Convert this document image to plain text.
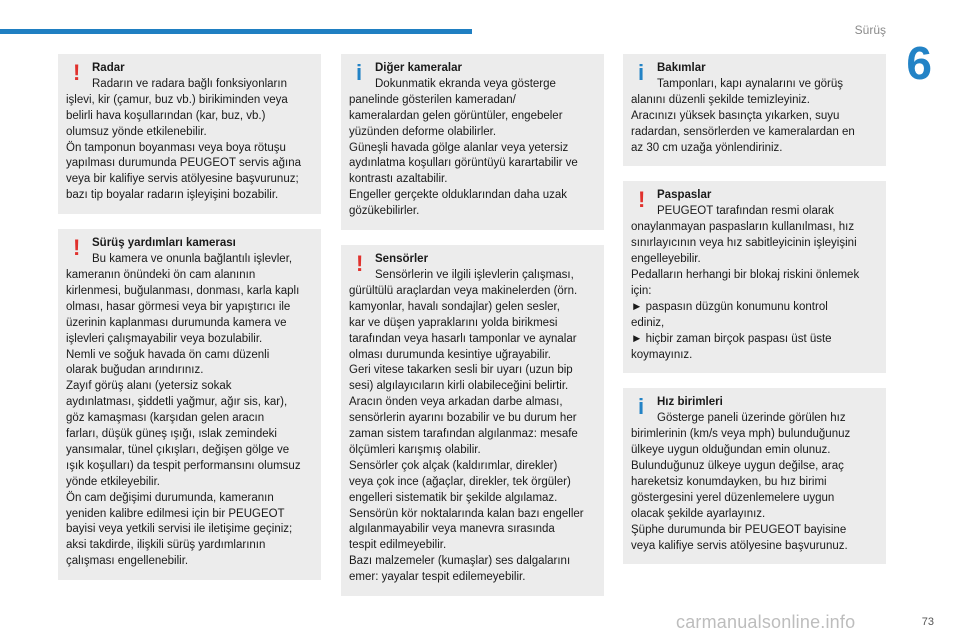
Sürüş
6
!	Radar
Radarın ve radara bağlı fonksiyonların
işlevi, kir (çamur, buz vb.) birikiminden veya
belirli hava koşullarından (kar, buz, vb.)
olumsuz yönde etkilenebilir.
Ön tamponun boyanması veya boya rötuşu
yapılması durumunda PEUGEOT servis ağına
veya bir kalifiye servis atölyesine başvurunuz;
bazı tip boyalar radarın işleyişini bozabilir.
!	Sürüş yardımları kamerası
Bu kamera ve onunla bağlantılı işlevler,
kameranın önündeki ön cam alanının
kirlenmesi, buğulanması, donması, karla kaplı
olması, hasar görmesi veya bir yapıştırıcı ile
üzerinin kaplanması durumunda kamera ve
işlevleri çalışmayabilir veya bozulabilir.
Nemli ve soğuk havada ön camı düzenli
olarak buğudan arındırınız.
Zayıf görüş alanı (yetersiz sokak
aydınlatması, şiddetli yağmur, ağır sis, kar),
göz kamaşması (karşıdan gelen aracın
farları, düşük güneş ışığı, ıslak zemindeki
yansımalar, tünel çıkışları, değişen gölge ve
ışık koşulları) da tespit performansını olumsuz
yönde etkileyebilir.
Ön cam değişimi durumunda, kameranın
yeniden kalibre edilmesi için bir PEUGEOT
bayisi veya yetkili servisi ile iletişime geçiniz;
aksi takdirde, ilişkili sürüş yardımlarının
çalışması engellenebilir.
i	Diğer kameralar
Dokunmatik ekranda veya gösterge
panelinde gösterilen kameradan/
kameralardan gelen görüntüler, engebeler
yüzünden deforme olabilirler.
Güneşli havada gölge alanlar veya yetersiz
aydınlatma koşulları görüntüyü karartabilir ve
kontrastı azaltabilir.
Engeller gerçekte olduklarından daha uzak
gözükebilirler.
!	Sensörler
Sensörlerin ve ilgili işlevlerin çalışması,
gürültülü araçlardan veya makinelerden (örn.
kamyonlar, havalı sondajlar) gelen sesler,
kar ve düşen yapraklarını yolda birikmesi
tarafından veya hasarlı tamponlar ve aynalar
olması durumunda kesintiye uğrayabilir.
Geri vitese takarken sesli bir uyarı (uzun bip
sesi) algılayıcıların kirli olabileceğini belirtir.
Aracın önden veya arkadan darbe alması,
sensörlerin ayarını bozabilir ve bu durum her
zaman sistem tarafından algılanmaz: mesafe
ölçümleri karışmış olabilir.
Sensörler çok alçak (kaldırımlar, direkler)
veya çok ince (ağaçlar, direkler, tek örgüler)
engelleri sistematik bir şekilde algılamaz.
Sensörün kör noktalarında kalan bazı engeller
algılanmayabilir veya manevra sırasında
tespit edilmeyebilir.
Bazı malzemeler (kumaşlar) ses dalgalarını
emer: yayalar tespit edilemeyebilir.
i	Bakımlar
Tamponları, kapı aynalarını ve görüş
alanını düzenli şekilde temizleyiniz.
Aracınızı yüksek basınçta yıkarken, suyu
radardan, sensörlerden ve kameralardan en
az 30 cm uzağa yönlendiriniz.
!	Paspaslar
PEUGEOT tarafından resmi olarak
onaylanmayan paspasların kullanılması, hız
sınırlayıcının veya hız sabitleyicinin işleyişini
engelleyebilir.
Pedalların herhangi bir blokaj riskini önlemek
için:
► paspasın düzgün konumunu kontrol
ediniz,
► hiçbir zaman birçok paspası üst üste
koymayınız.
i	Hız birimleri
Gösterge paneli üzerinde görülen hız
birimlerinin (km/s veya mph) bulunduğunuz
ülkeye uygun olduğundan emin olunuz.
Bulunduğunuz ülkeye uygun değilse, araç
hareketsiz konumdayken, bu hız birimi
göstergesini yerel düzenlemelere uygun
olacak şekilde ayarlayınız.
Şüphe durumunda bir PEUGEOT bayisine
veya kalifiye servis atölyesine başvurunuz.
73
carmanualsonline.info
